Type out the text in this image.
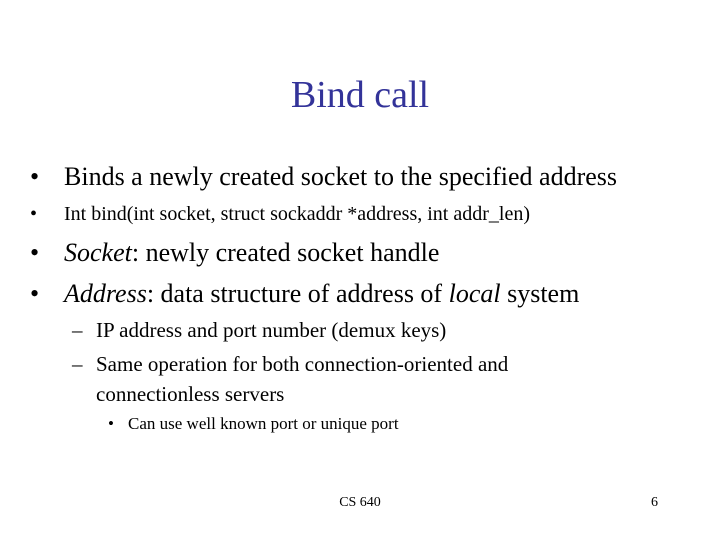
Bind call
• Binds a newly created socket to the specified address
•	Int bind(int socket, struct sockaddr *address, int addr_len)
• Socket: newly created socket handle
• Address: data structure of address of local system
– IP address and port number (demux keys)
– Same operation for both connection-oriented and
connectionless servers
• Can use well known port or unique port
CS 640	6
